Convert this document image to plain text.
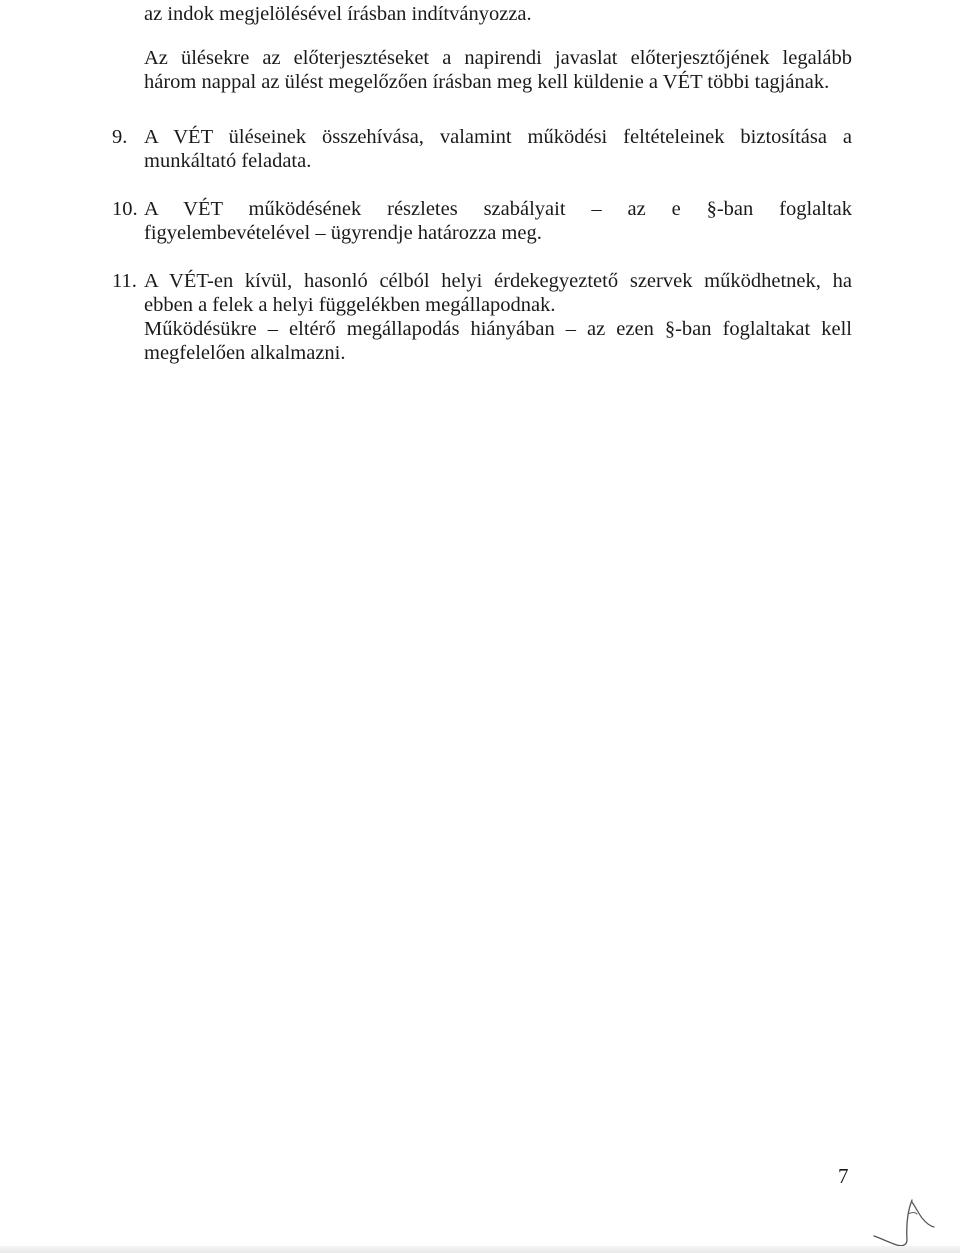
az indok megjelölésével írásban indítványozza.
Az ülésekre az előterjesztéseket a napirendi javaslat előterjesztőjének legalább
három nappal az ülést megelőzően írásban meg kell küldenie a VÉT többi tagjának.
9. A VÉT üléseinek összehívása, valamint működési feltételeinek biztosítása a
munkáltató feladata.
10. A VÉT működésének részletes szabályait – az e §-ban foglaltak
figyelembevételével – ügyrendje határozza meg.
11. A VÉT-en kívül, hasonló célból helyi érdekegyeztető szervek működhetnek, ha
ebben a felek a helyi függelékben megállapodnak.
Működésükre – eltérő megállapodás hiányában – az ezen §-ban foglaltakat kell
megfelelően alkalmazni.
7
